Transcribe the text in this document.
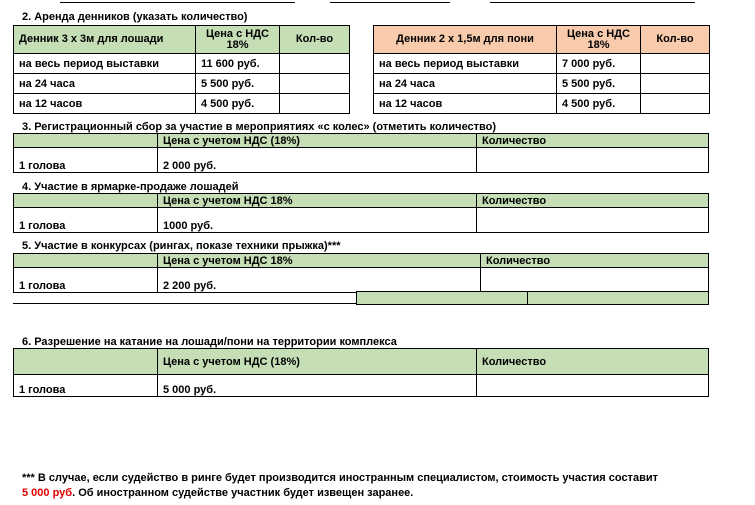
2. Аренда денников (указать количество)
Денник 3 х 3м для лошади	Цена с НДС 18%	Кол-во
на весь период выставки	11 600 руб.	
на 24 часа	5 500 руб.	
на 12 часов	4 500 руб.	
Денник 2 х 1,5м для пони	Цена с НДС 18%	Кол-во
на весь период выставки	7 000 руб.	
на 24 часа	5 500 руб.	
на 12 часов	4 500 руб.	
3. Регистрационный сбор за участие в мероприятиях «с колес» (отметить количество)
	Цена с учетом НДС (18%)	Количество
1 голова	2 000 руб.	
4. Участие в ярмарке-продаже лошадей
	Цена с учетом НДС 18%	Количество
1 голова	1000 руб.	
5. Участие в конкурсах (рингах, показе техники прыжка)***
	Цена с учетом НДС 18%	Количество
1 голова	2 200 руб.	
6. Разрешение на катание на лошади/пони на территории комплекса
	Цена с учетом НДС (18%)	Количество
1 голова	5 000 руб.	
*** В случае, если судейство в ринге будет производится иностранным специалистом, стоимость участия составит
5 000 руб. Об иностранном судействе участник будет извещен заранее.
